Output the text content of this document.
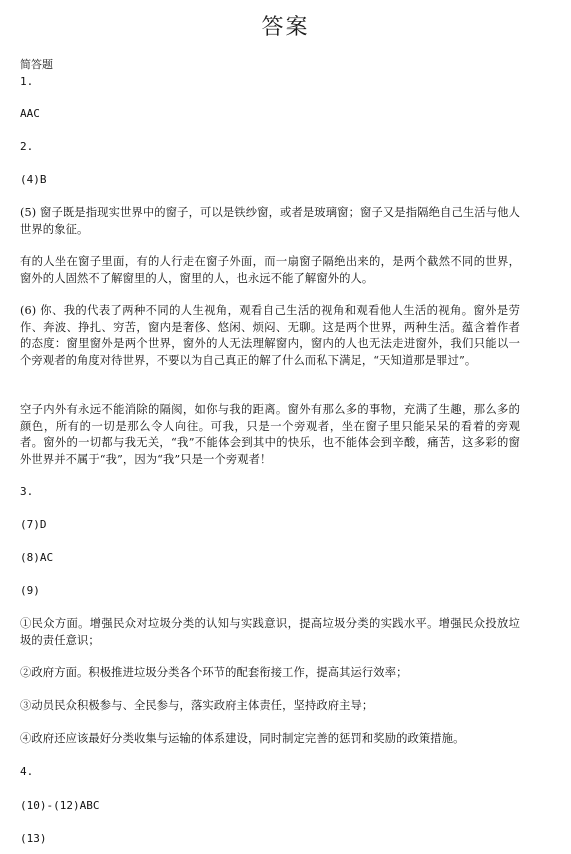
答案
简答题
1.
AAC
2.
(4)B
(5) 窗子既是指现实世界中的窗子，可以是铁纱窗，或者是玻璃窗；窗子又是指隔绝自己生活与他人世界的象征。
有的人坐在窗子里面，有的人行走在窗子外面，而一扇窗子隔绝出来的，是两个截然不同的世界，窗外的人固然不了解窗里的人，窗里的人，也永远不能了解窗外的人。
(6) 你、我的代表了两种不同的人生视角，观看自己生活的视角和观看他人生活的视角。窗外是劳作、奔波、挣扎、穷苦，窗内是奢侈、悠闲、烦闷、无聊。这是两个世界，两种生活。蕴含着作者的态度：窗里窗外是两个世界，窗外的人无法理解窗内，窗内的人也无法走进窗外，我们只能以一个旁观者的角度对待世界，不要以为自己真正的解了什么而私下满足，“天知道那是罪过”。
空子内外有永远不能消除的隔阂，如你与我的距离。窗外有那么多的事物，充满了生趣，那么多的颜色，所有的一切是那么令人向往。可我，只是一个旁观者，坐在窗子里只能呆呆的看着的旁观者。窗外的一切都与我无关，“我”不能体会到其中的快乐，也不能体会到辛酸，痛苦，这多彩的窗外世界并不属于“我”，因为“我”只是一个旁观者！
3.
(7)D
(8)AC
(9)
①民众方面。增强民众对垃圾分类的认知与实践意识，提高垃圾分类的实践水平。增强民众投放垃圾的责任意识；
②政府方面。积极推进垃圾分类各个环节的配套衔接工作，提高其运行效率；
③动员民众积极参与、全民参与，落实政府主体责任，坚持政府主导；
④政府还应该最好分类收集与运输的体系建设，同时制定完善的惩罚和奖励的政策措施。
4.
(10)-(12)ABC
(13)
